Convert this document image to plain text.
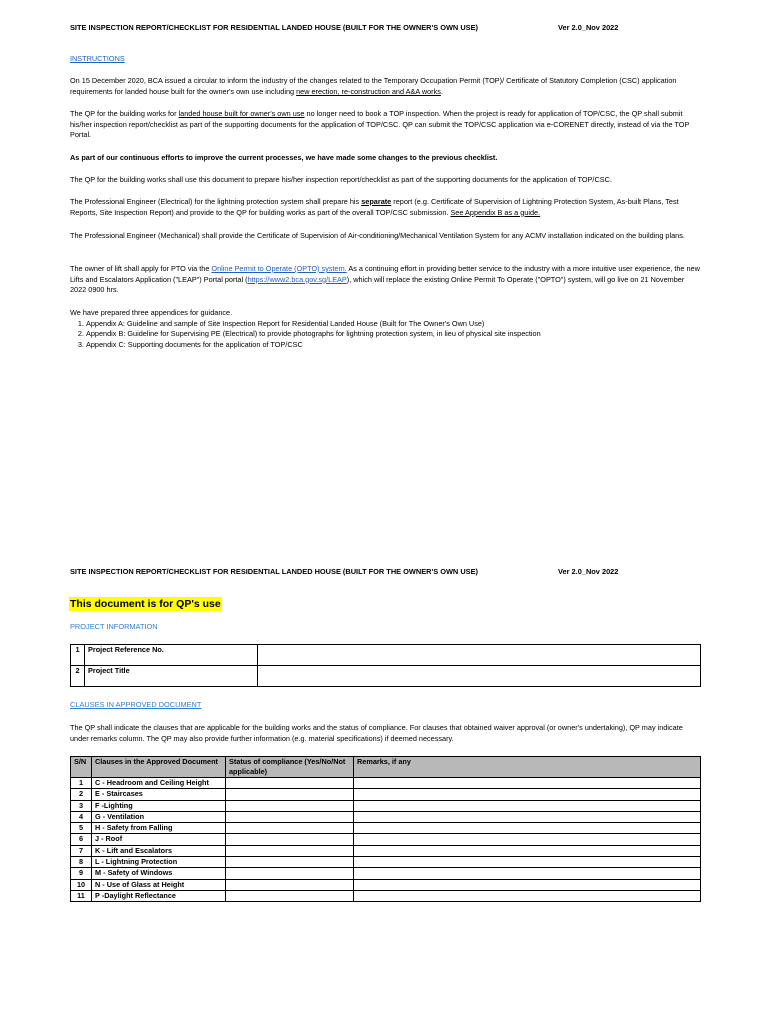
SITE INSPECTION REPORT/CHECKLIST FOR RESIDENTIAL LANDED HOUSE (BUILT FOR THE OWNER'S OWN USE)	Ver 2.0_Nov 2022
INSTRUCTIONS
On 15 December 2020, BCA issued a circular to inform the industry of the changes related to the Temporary Occupation Permit (TOP)/ Certificate of Statutory Completion (CSC) application requirements for landed house built for the owner's own use including new erection, re-construction and A&A works.
The QP for the building works for landed house built for owner's own use no longer need to book a TOP inspection. When the project is ready for application of TOP/CSC, the QP shall submit his/her inspection report/checklist as part of the supporting documents for the application of TOP/CSC. QP can submit the TOP/CSC application via e-CORENET directly, instead of via the TOP Portal.
As part of our continuous efforts to improve the current processes, we have made some changes to the previous checklist.
The QP for the building works shall use this document to prepare his/her inspection report/checklist as part of the supporting documents for the application of TOP/CSC.
The Professional Engineer (Electrical) for the lightning protection system shall prepare his separate report (e.g. Certificate of Supervision of Lightning Protection System, As-built Plans, Test Reports, Site Inspection Report) and provide to the QP for building works as part of the overall TOP/CSC submission. See Appendix B as a guide.
The Professional Engineer (Mechanical) shall provide the Certificate of Supervision of Air-conditioning/Mechanical Ventilation System for any ACMV installation indicated on the building plans.
The owner of lift shall apply for PTO via the Online Permit to Operate (OPTO) system. As a continuing effort in providing better service to the industry with a more intuitive user experience, the new Lifts and Escalators Application ("LEAP") Portal portal (https://www2.bca.gov.sg/LEAP), which will replace the existing Online Permit To Operate ("OPTO") system, will go live on 21 November 2022 0900 hrs.
We have prepared three appendices for guidance.
1. Appendix A: Guideline and sample of Site Inspection Report for Residential Landed House (Built for The Owner's Own Use)
2. Appendix B: Guideline for Supervising PE (Electrical) to provide photographs for lightning protection system, in lieu of physical site inspection
3. Appendix C: Supporting documents for the application of TOP/CSC
SITE INSPECTION REPORT/CHECKLIST FOR RESIDENTIAL LANDED HOUSE (BUILT FOR THE OWNER'S OWN USE)	Ver 2.0_Nov 2022
This document is for QP's use
PROJECT INFORMATION
1	Project Reference No.	
2	Project Title	
CLAUSES IN APPROVED DOCUMENT
The QP shall indicate the clauses that are applicable for the building works and the status of compliance. For clauses that obtained waiver approval (or owner's undertaking), QP may indicate under remarks column. The QP may also provide further information (e.g. material specifications) if deemed necessary.
S/N	Clauses in the Approved Document	Status of compliance (Yes/No/Not applicable)	Remarks, if any
1	C - Headroom and Ceiling Height		
2	E - Staircases		
3	F -Lighting		
4	G - Ventilation		
5	H - Safety from Falling		
6	J - Roof		
7	K - Lift and Escalators		
8	L - Lightning Protection		
9	M - Safety of Windows		
10	N - Use of Glass at Height		
11	P -Daylight Reflectance		
